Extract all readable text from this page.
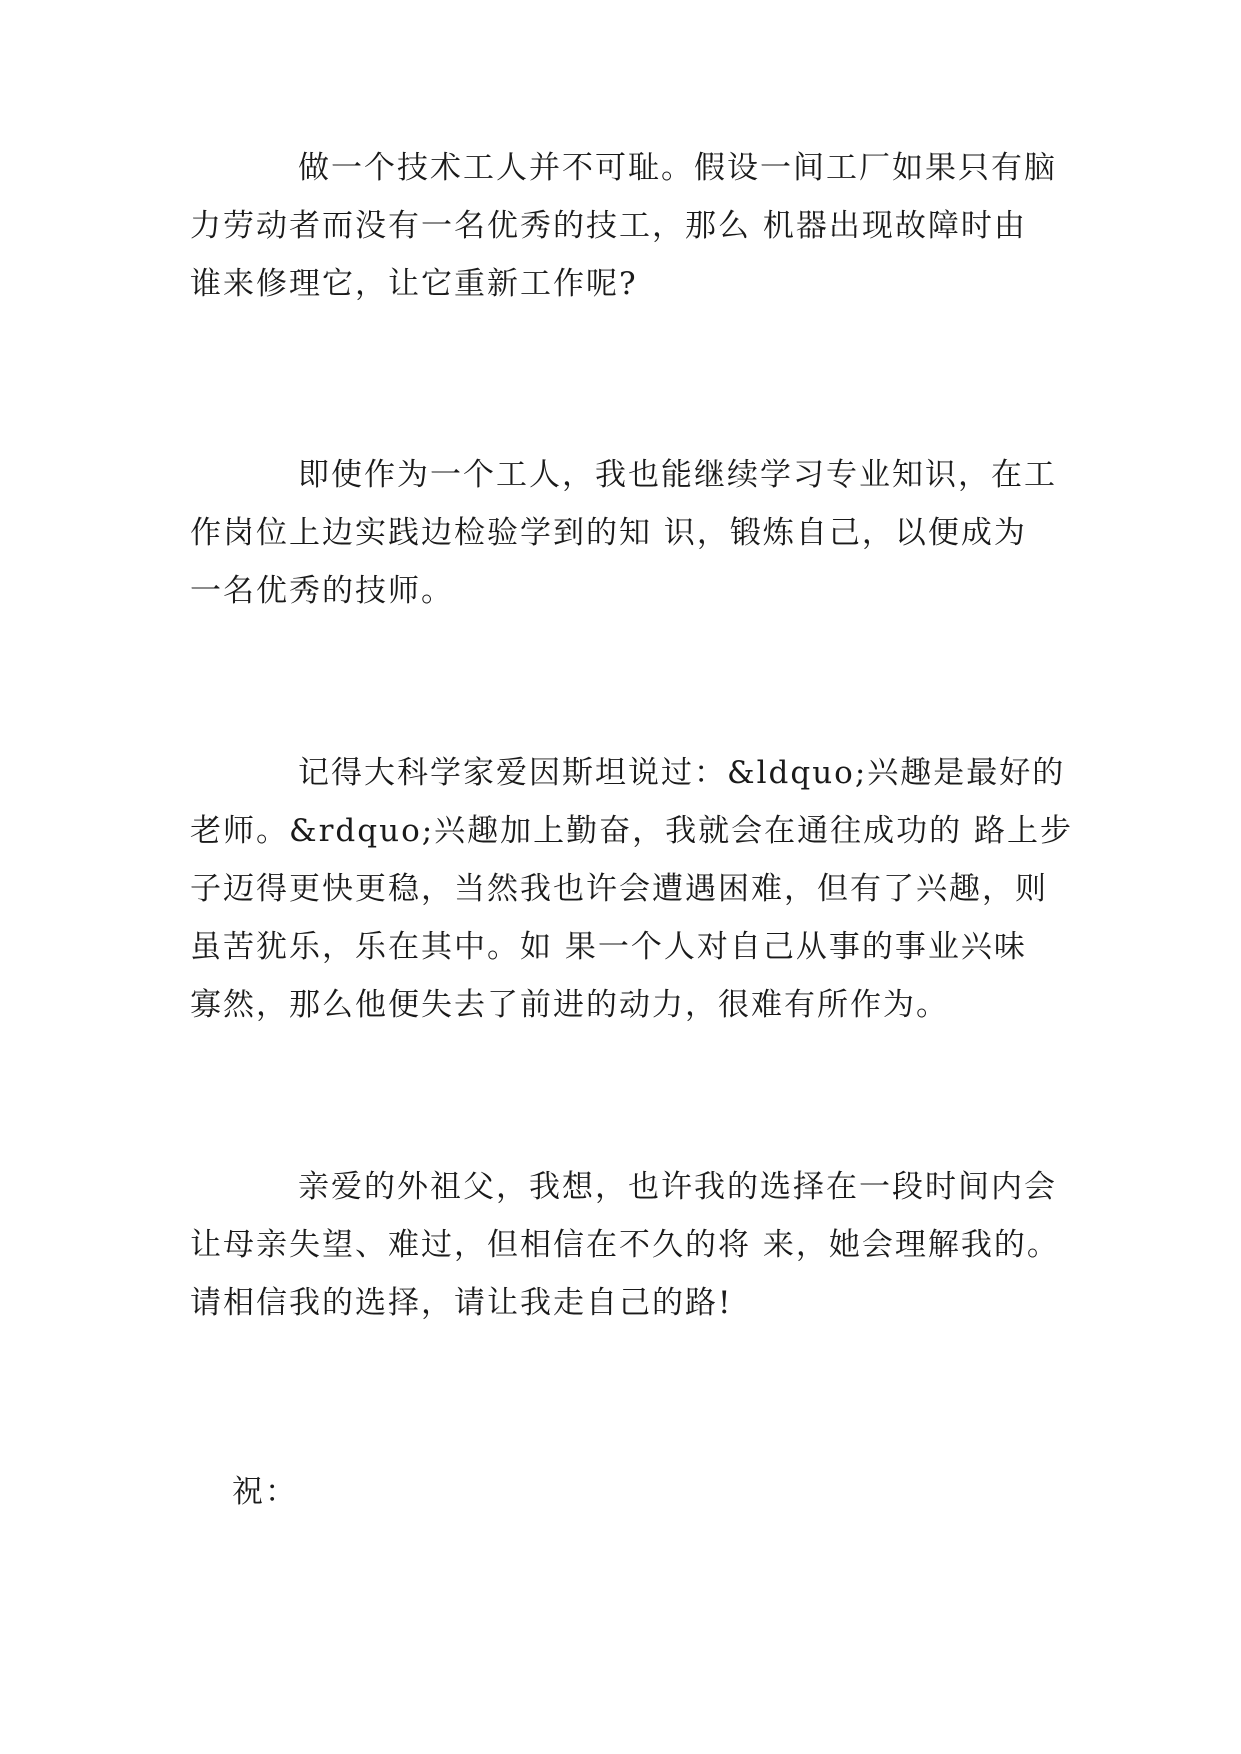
做一个技术工人并不可耻。假设一间工厂如果只有脑
力劳动者而没有一名优秀的技工，那么 机器出现故障时由
谁来修理它，让它重新工作呢?
即使作为一个工人，我也能继续学习专业知识，在工
作岗位上边实践边检验学到的知 识，锻炼自己，以便成为
一名优秀的技师。
记得大科学家爱因斯坦说过：&ldquo;兴趣是最好的
老师。&rdquo;兴趣加上勤奋，我就会在通往成功的 路上步
子迈得更快更稳，当然我也许会遭遇困难，但有了兴趣，则
虽苦犹乐，乐在其中。如 果一个人对自己从事的事业兴味
寡然，那么他便失去了前进的动力，很难有所作为。
亲爱的外祖父，我想，也许我的选择在一段时间内会
让母亲失望、难过，但相信在不久的将 来，她会理解我的。
请相信我的选择，请让我走自己的路!
祝：
